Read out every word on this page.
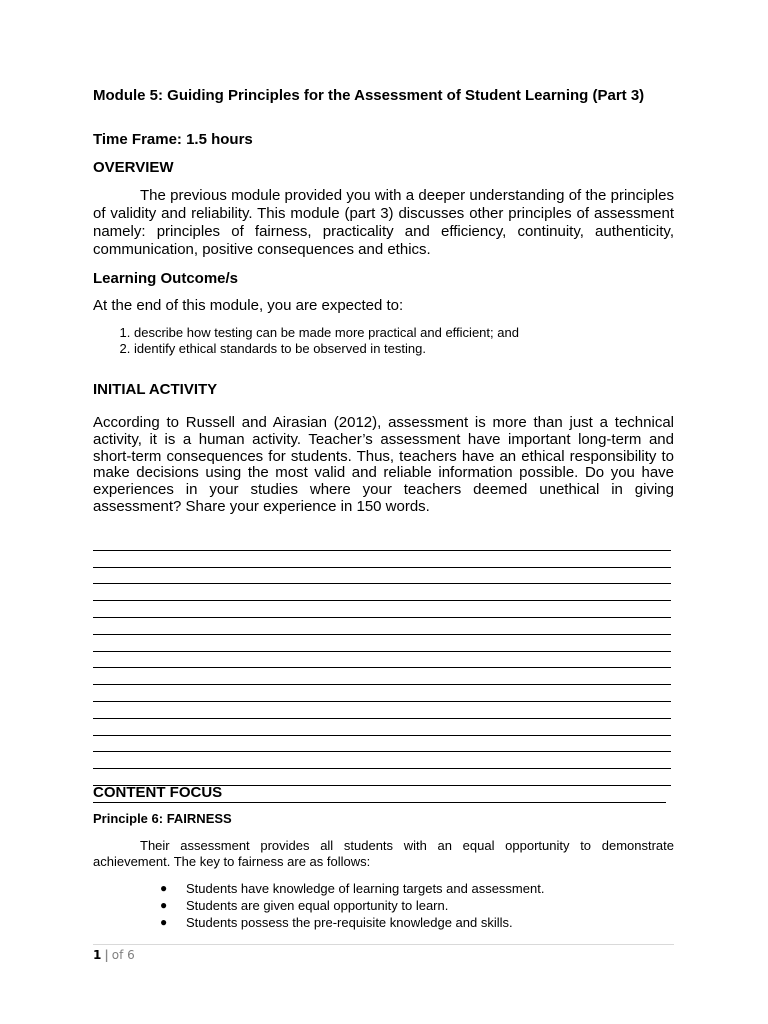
Module 5: Guiding Principles for the Assessment of Student Learning (Part 3)
Time Frame: 1.5 hours
OVERVIEW

The previous module provided you with a deeper understanding of the principles of validity and reliability. This module (part 3) discusses other principles of assessment namely: principles of fairness, practicality and efficiency, continuity, authenticity, communication, positive consequences and ethics.

Learning Outcome/s
At the end of this module, you are expected to:
1. describe how testing can be made more practical and efficient; and
2. identify ethical standards to be observed in testing.
INITIAL ACTIVITY

According to Russell and Airasian (2012), assessment is more than just a technical activity, it is a human activity. Teacher’s assessment have important long-term and short-term consequences for students. Thus, teachers have an ethical responsibility to make decisions using the most valid and reliable information possible. Do you have experiences in your studies where your teachers deemed unethical in giving assessment? Share your experience in 150 words.

CONTENT FOCUS
Principle 6: FAIRNESS

Their assessment provides all students with an equal opportunity to demonstrate achievement. The key to fairness are as follows:

● Students have knowledge of learning targets and assessment.
● Students are given equal opportunity to learn.
● Students possess the pre-requisite knowledge and skills.
1 | of 6
